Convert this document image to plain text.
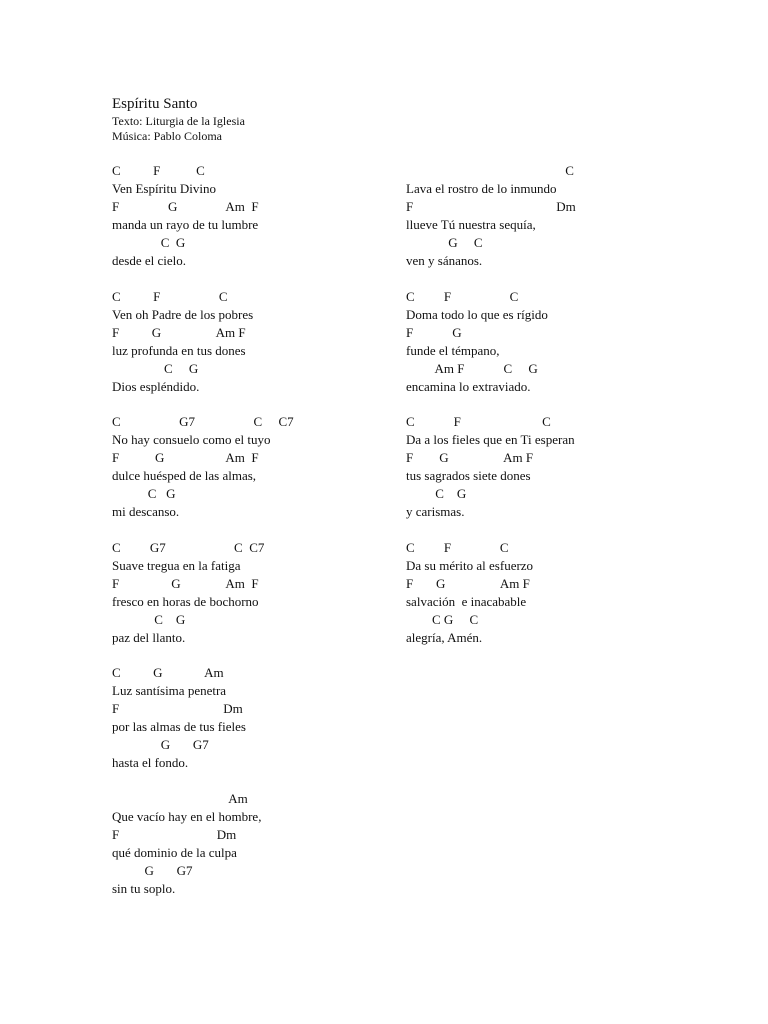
Espíritu Santo
Texto: Liturgia de la Iglesia
Música: Pablo Coloma
C          F           C
Ven Espíritu Divino
F               G               Am  F
manda un rayo de tu lumbre
C  G
desde el cielo.
C          F                  C
Ven oh Padre de los pobres
F          G                 Am F
luz profunda en tus dones
C     G
Dios espléndido.
C                  G7                  C     C7
No hay consuelo como el tuyo
F           G                   Am  F
dulce huésped de las almas,
C   G
mi descanso.
C         G7                     C  C7
Suave tregua en la fatiga
F                G              Am  F
fresco en horas de bochorno
C    G
paz del llanto.
C          G             Am
Luz santísima penetra
F                                Dm
por las almas de tus fieles
G       G7
hasta el fondo.
Am
Que vacío hay en el hombre,
F                              Dm
qué dominio de la culpa
G       G7
sin tu soplo.
C
Lava el rostro de lo inmundo
F                                            Dm
llueve Tú nuestra sequía,
G     C
ven y sánanos.
C         F                  C
Doma todo lo que es rígido
F            G
funde el témpano,
Am F            C     G
encamina lo extraviado.
C            F                         C
Da a los fieles que en Ti esperan
F        G                 Am F
tus sagrados siete dones
C    G
y carismas.
C         F               C
Da su mérito al esfuerzo
F       G                 Am F
salvación  e inacabable
C G     C
alegría, Amén.
